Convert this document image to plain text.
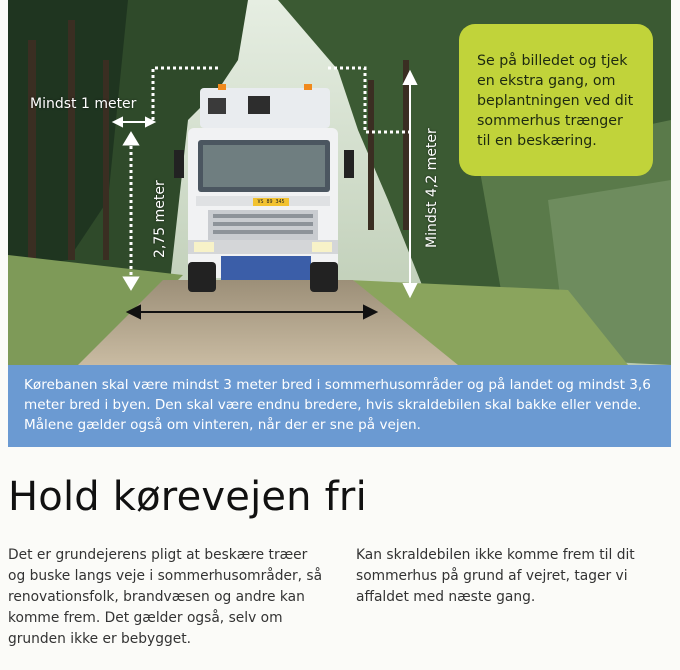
Mindst 1 meter
2,75 meter	Mindst 4,2 meter
VS 89 345
Se på billedet og tjek en ekstra gang, om beplantningen ved dit sommerhus trænger til en beskæring.
Kørebanen skal være mindst 3 meter bred i sommerhusområder og på landet og mindst 3,6 meter bred i byen. Den skal være endnu bredere, hvis skraldebilen skal bakke eller vende. Målene gælder også om vinteren, når der er sne på vejen.
Hold kørevejen fri
Det er grundejerens pligt at beskære træer og buske langs veje i sommerhusområder, så renovationsfolk, brandvæsen og andre kan komme frem. Det gælder også, selv om grunden ikke er bebygget.
Kan skraldebilen ikke komme frem til dit sommerhus på grund af vejret, tager vi affaldet med næste gang.
